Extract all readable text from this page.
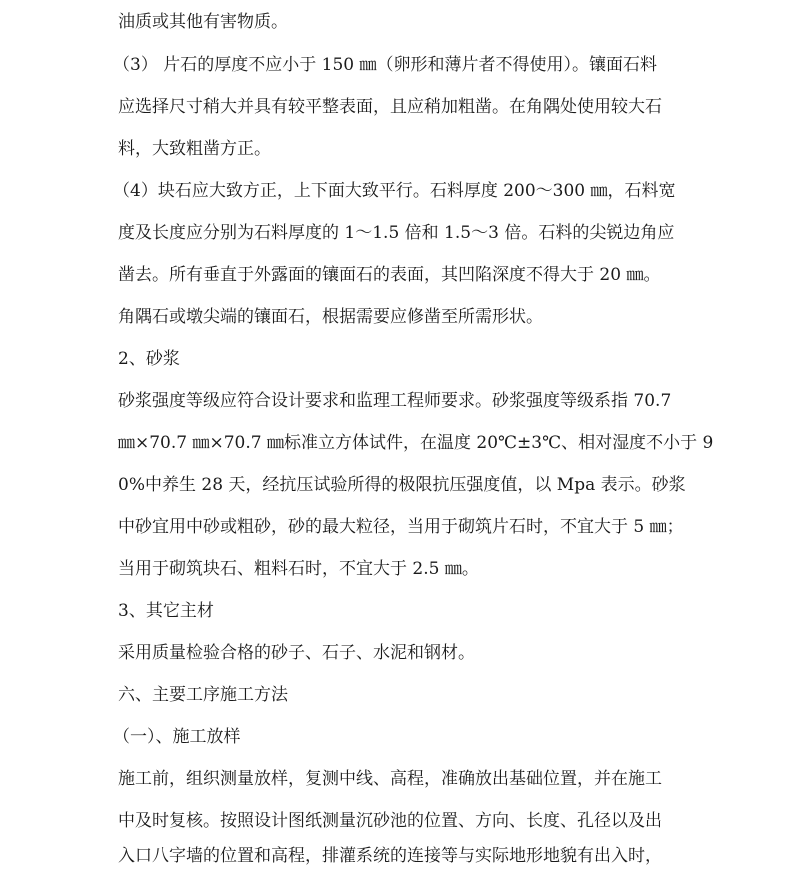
油质或其他有害物质。
（3） 片石的厚度不应小于 150 ㎜（卵形和薄片者不得使用）。镶面石料
应选择尺寸稍大并具有较平整表面，且应稍加粗凿。在角隅处使用较大石
料，大致粗凿方正。
（4）块石应大致方正，上下面大致平行。石料厚度 200～300 ㎜，石料宽
度及长度应分别为石料厚度的 1～1.5 倍和 1.5～3 倍。石料的尖锐边角应
凿去。所有垂直于外露面的镶面石的表面，其凹陷深度不得大于 20 ㎜。
角隅石或墩尖端的镶面石，根据需要应修凿至所需形状。
2、砂浆
砂浆强度等级应符合设计要求和监理工程师要求。砂浆强度等级系指 70.7
㎜×70.7 ㎜×70.7 ㎜标准立方体试件，在温度 20℃±3℃、相对湿度不小于 9
0%中养生 28 天，经抗压试验所得的极限抗压强度值，以 Mpa 表示。砂浆
中砂宜用中砂或粗砂，砂的最大粒径，当用于砌筑片石时，不宜大于 5 ㎜；
当用于砌筑块石、粗料石时，不宜大于 2.5 ㎜。
3、其它主材
采用质量检验合格的砂子、石子、水泥和钢材。
六、主要工序施工方法
（一）、施工放样
施工前，组织测量放样，复测中线、高程，准确放出基础位置，并在施工
中及时复核。按照设计图纸测量沉砂池的位置、方向、长度、孔径以及出
入口八字墙的位置和高程，排灌系统的连接等与实际地形地貌有出入时，
